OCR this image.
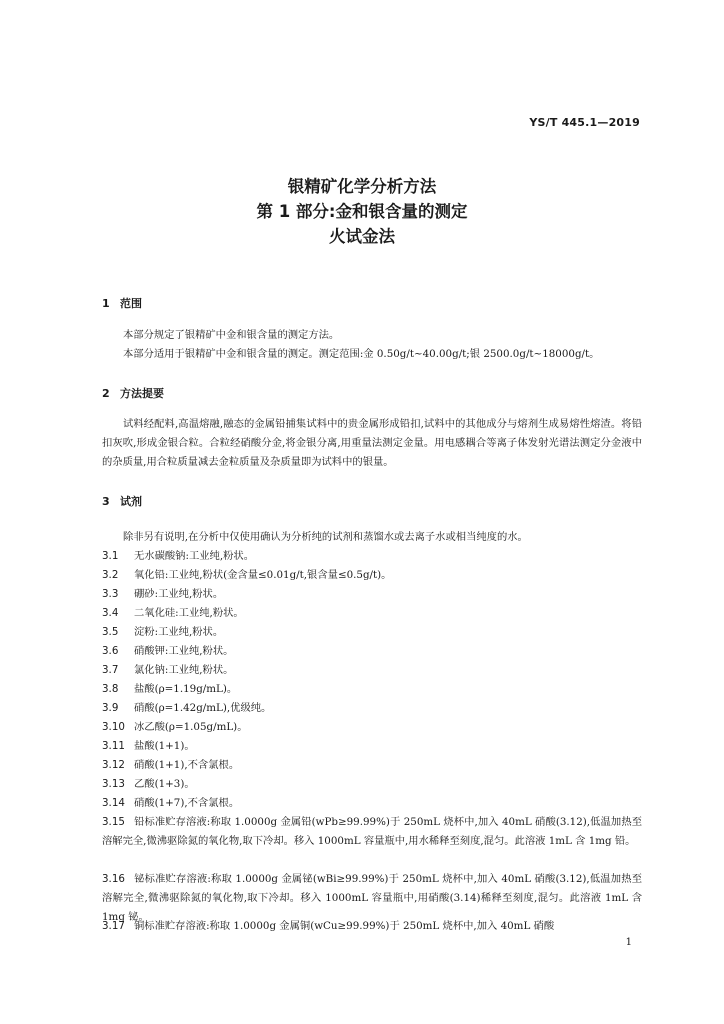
YS/T 445.1—2019
银精矿化学分析方法
第 1 部分:金和银含量的测定
火试金法
1 范围
本部分规定了银精矿中金和银含量的测定方法。
本部分适用于银精矿中金和银含量的测定。测定范围:金 0.50g/t~40.00g/t;银 2500.0g/t~18000g/t。
2 方法提要
试料经配料,高温熔融,融态的金属铅捕集试料中的贵金属形成铅扣,试料中的其他成分与熔剂生成易熔性熔渣。将铅扣灰吹,形成金银合粒。合粒经硝酸分金,将金银分离,用重量法测定金量。用电感耦合等离子体发射光谱法测定分金液中的杂质量,用合粒质量减去金粒质量及杂质量即为试料中的银量。
3 试剂
除非另有说明,在分析中仅使用确认为分析纯的试剂和蒸馏水或去离子水或相当纯度的水。
3.1 无水碳酸钠:工业纯,粉状。
3.2 氧化铅:工业纯,粉状(金含量≤0.01g/t,银含量≤0.5g/t)。
3.3 硼砂:工业纯,粉状。
3.4 二氧化硅:工业纯,粉状。
3.5 淀粉:工业纯,粉状。
3.6 硝酸钾:工业纯,粉状。
3.7 氯化钠:工业纯,粉状。
3.8 盐酸(ρ=1.19g/mL)。
3.9 硝酸(ρ=1.42g/mL),优级纯。
3.10 冰乙酸(ρ=1.05g/mL)。
3.11 盐酸(1+1)。
3.12 硝酸(1+1),不含氯根。
3.13 乙酸(1+3)。
3.14 硝酸(1+7),不含氯根。
3.15 铅标准贮存溶液:称取 1.0000g 金属铅(wPb≥99.99%)于 250mL 烧杯中,加入 40mL 硝酸(3.12),低温加热至溶解完全,微沸驱除氮的氧化物,取下冷却。移入 1000mL 容量瓶中,用水稀释至刻度,混匀。此溶液 1mL 含 1mg 铅。
3.16 铋标准贮存溶液:称取 1.0000g 金属铋(wBi≥99.99%)于 250mL 烧杯中,加入 40mL 硝酸(3.12),低温加热至溶解完全,微沸驱除氮的氧化物,取下冷却。移入 1000mL 容量瓶中,用硝酸(3.14)稀释至刻度,混匀。此溶液 1mL 含 1mg 铋。
3.17 铜标准贮存溶液:称取 1.0000g 金属铜(wCu≥99.99%)于 250mL 烧杯中,加入 40mL 硝酸
1
